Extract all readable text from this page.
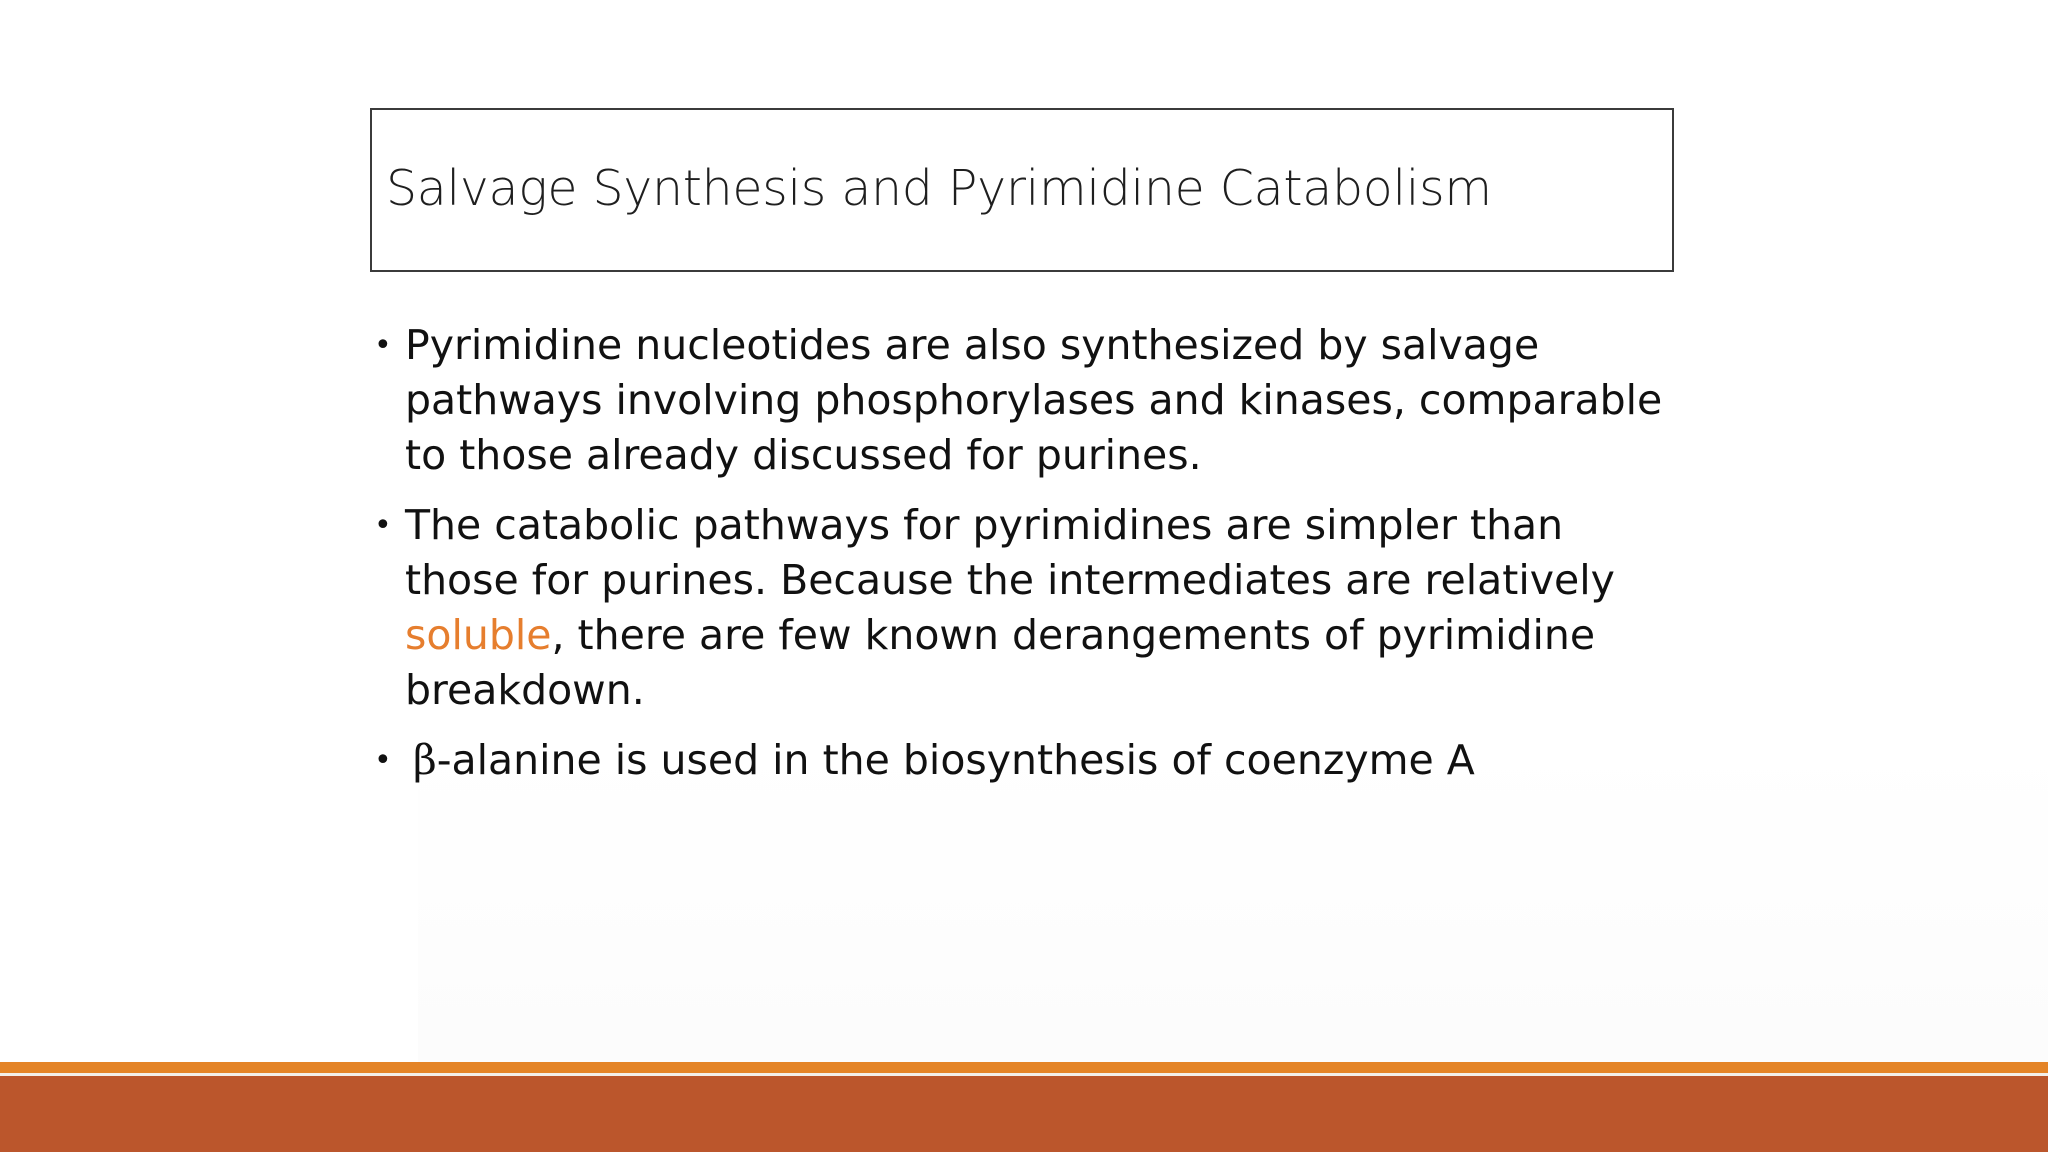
Salvage Synthesis and Pyrimidine Catabolism
• Pyrimidine nucleotides are also synthesized by salvage pathways involving phosphorylases and kinases, comparable to those already discussed for purines.
• The catabolic pathways for pyrimidines are simpler than those for purines. Because the intermediates are relatively soluble, there are few known derangements of pyrimidine breakdown.
• β-alanine is used in the biosynthesis of coenzyme A
